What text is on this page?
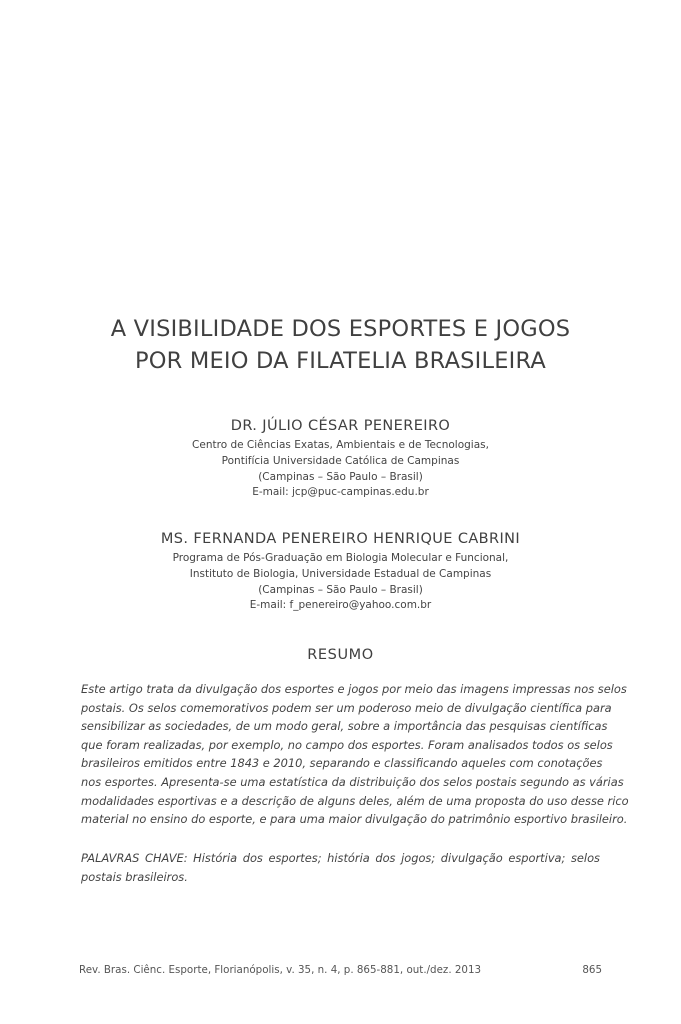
A VISIBILIDADE DOS ESPORTES E JOGOS
POR MEIO DA FILATELIA BRASILEIRA
DR. JÚLIO CÉSAR PENEREIRO
Centro de Ciências Exatas, Ambientais e de Tecnologias,
Pontifícia Universidade Católica de Campinas
(Campinas – São Paulo – Brasil)
E-mail: jcp@puc-campinas.edu.br
MS. FERNANDA PENEREIRO HENRIQUE CABRINI
Programa de Pós-Graduação em Biologia Molecular e Funcional,
Instituto de Biologia, Universidade Estadual de Campinas
(Campinas – São Paulo – Brasil)
E-mail: f_penereiro@yahoo.com.br
RESUMO

Este artigo trata da divulgação dos esportes e jogos por meio das imagens impressas nos selos
postais. Os selos comemorativos podem ser um poderoso meio de divulgação científica para
sensibilizar as sociedades, de um modo geral, sobre a importância das pesquisas científicas
que foram realizadas, por exemplo, no campo dos esportes. Foram analisados todos os selos
brasileiros emitidos entre 1843 e 2010, separando e classificando aqueles com conotações
nos esportes. Apresenta-se uma estatística da distribuição dos selos postais segundo as várias
modalidades esportivas e a descrição de alguns deles, além de uma proposta do uso desse rico
material no ensino do esporte, e para uma maior divulgação do patrimônio esportivo brasileiro.

PALAVRAS CHAVE: História dos esportes; história dos jogos; divulgação esportiva; selos
postais brasileiros.

Rev. Bras. Ciênc. Esporte, Florianópolis, v. 35, n. 4, p. 865-881, out./dez. 2013	865
